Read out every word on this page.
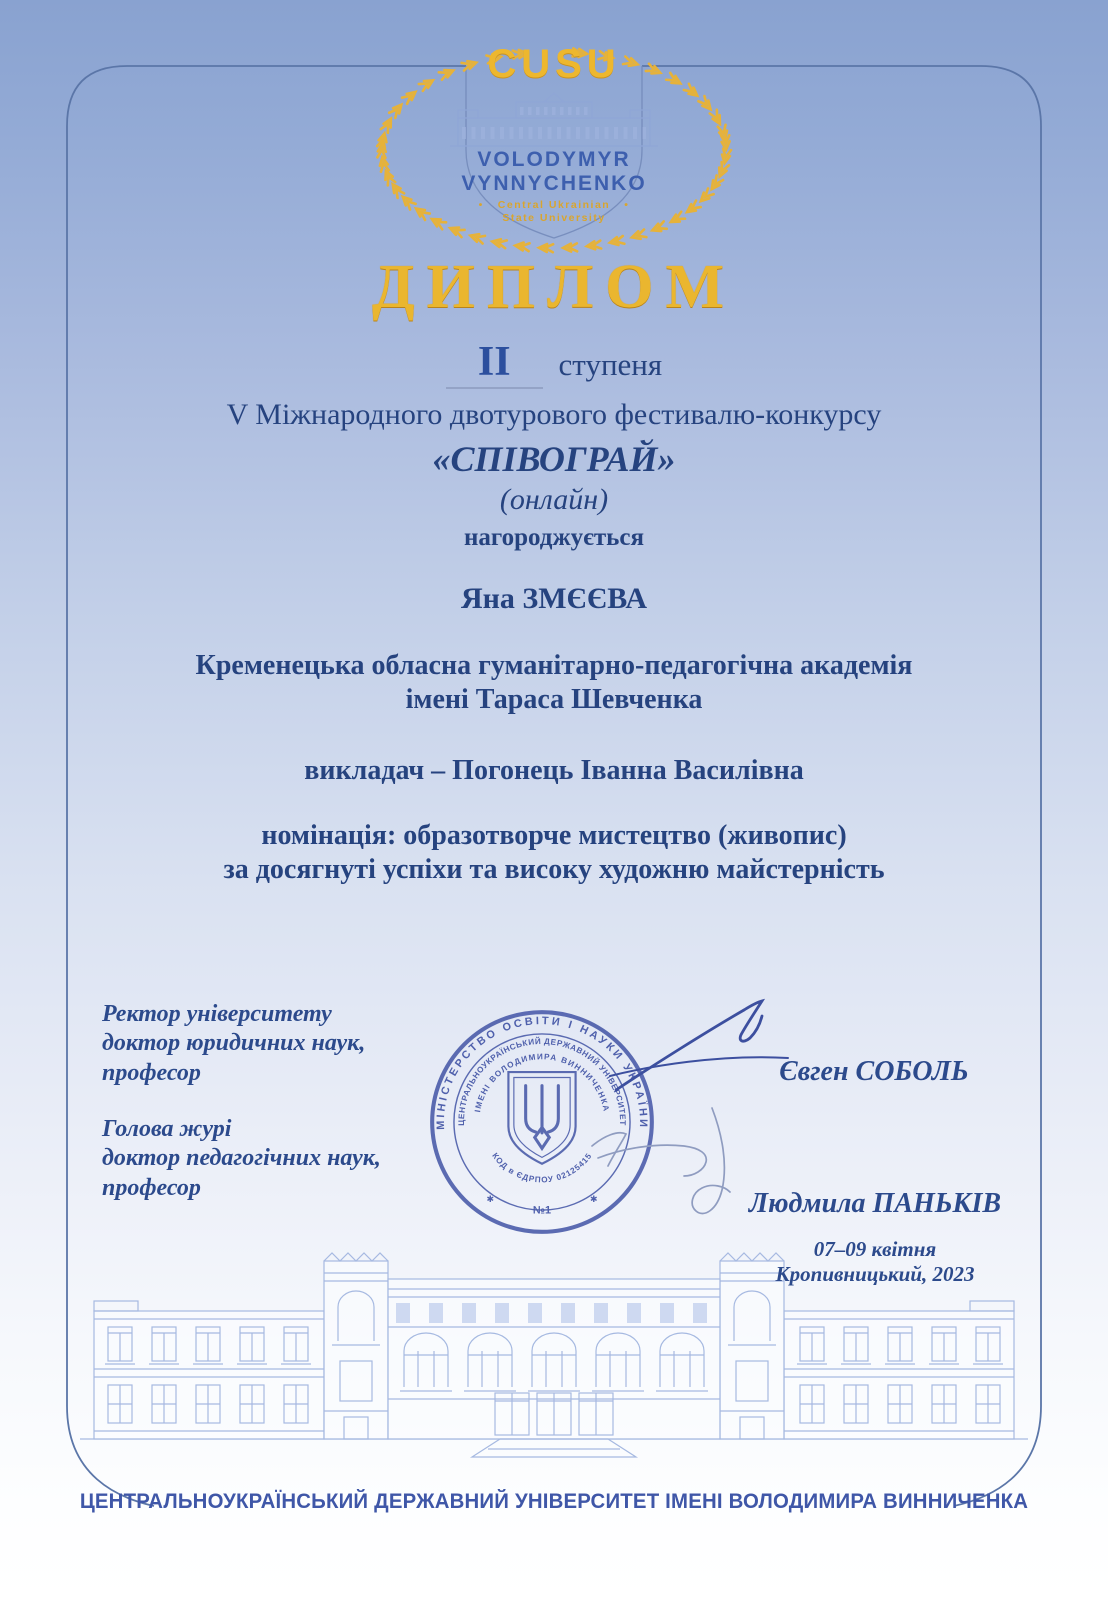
CUSU
VOLODYMYR
VYNNYCHENKO
• Central Ukrainian •
State University
ДИПЛОМ
II ступеня
V Міжнародного двотурового фестивалю-конкурсу
«СПІВОГРАЙ»
(онлайн)
нагороджується
Яна ЗМЄЄВА
Кременецька обласна гуманітарно-педагогічна академія
імені Тараса Шевченка
викладач – Погонець Іванна Василівна
номінація: образотворче мистецтво (живопис)
за досягнуті успіхи та високу художню майстерність
Ректор університету
доктор юридичних наук,
професор
Голова журі
доктор педагогічних наук,
професор
МІНІСТЕРСТВО ОСВІТИ І НАУКИ УКРАЇНИ
ЦЕНТРАЛЬНОУКРАЇНСЬКИЙ ДЕРЖАВНИЙ УНІВЕРСИТЕТ
ІМЕНІ ВОЛОДИМИРА ВИННИЧЕНКА
КОД в ЄДРПОУ 02125415
✱	✱
№1
Євген СОБОЛЬ
Людмила ПАНЬКІВ
07–09 квітня
Кропивницький, 2023
ЦЕНТРАЛЬНОУКРАЇНСЬКИЙ ДЕРЖАВНИЙ УНІВЕРСИТЕТ ІМЕНІ ВОЛОДИМИРА ВИННИЧЕНКА
